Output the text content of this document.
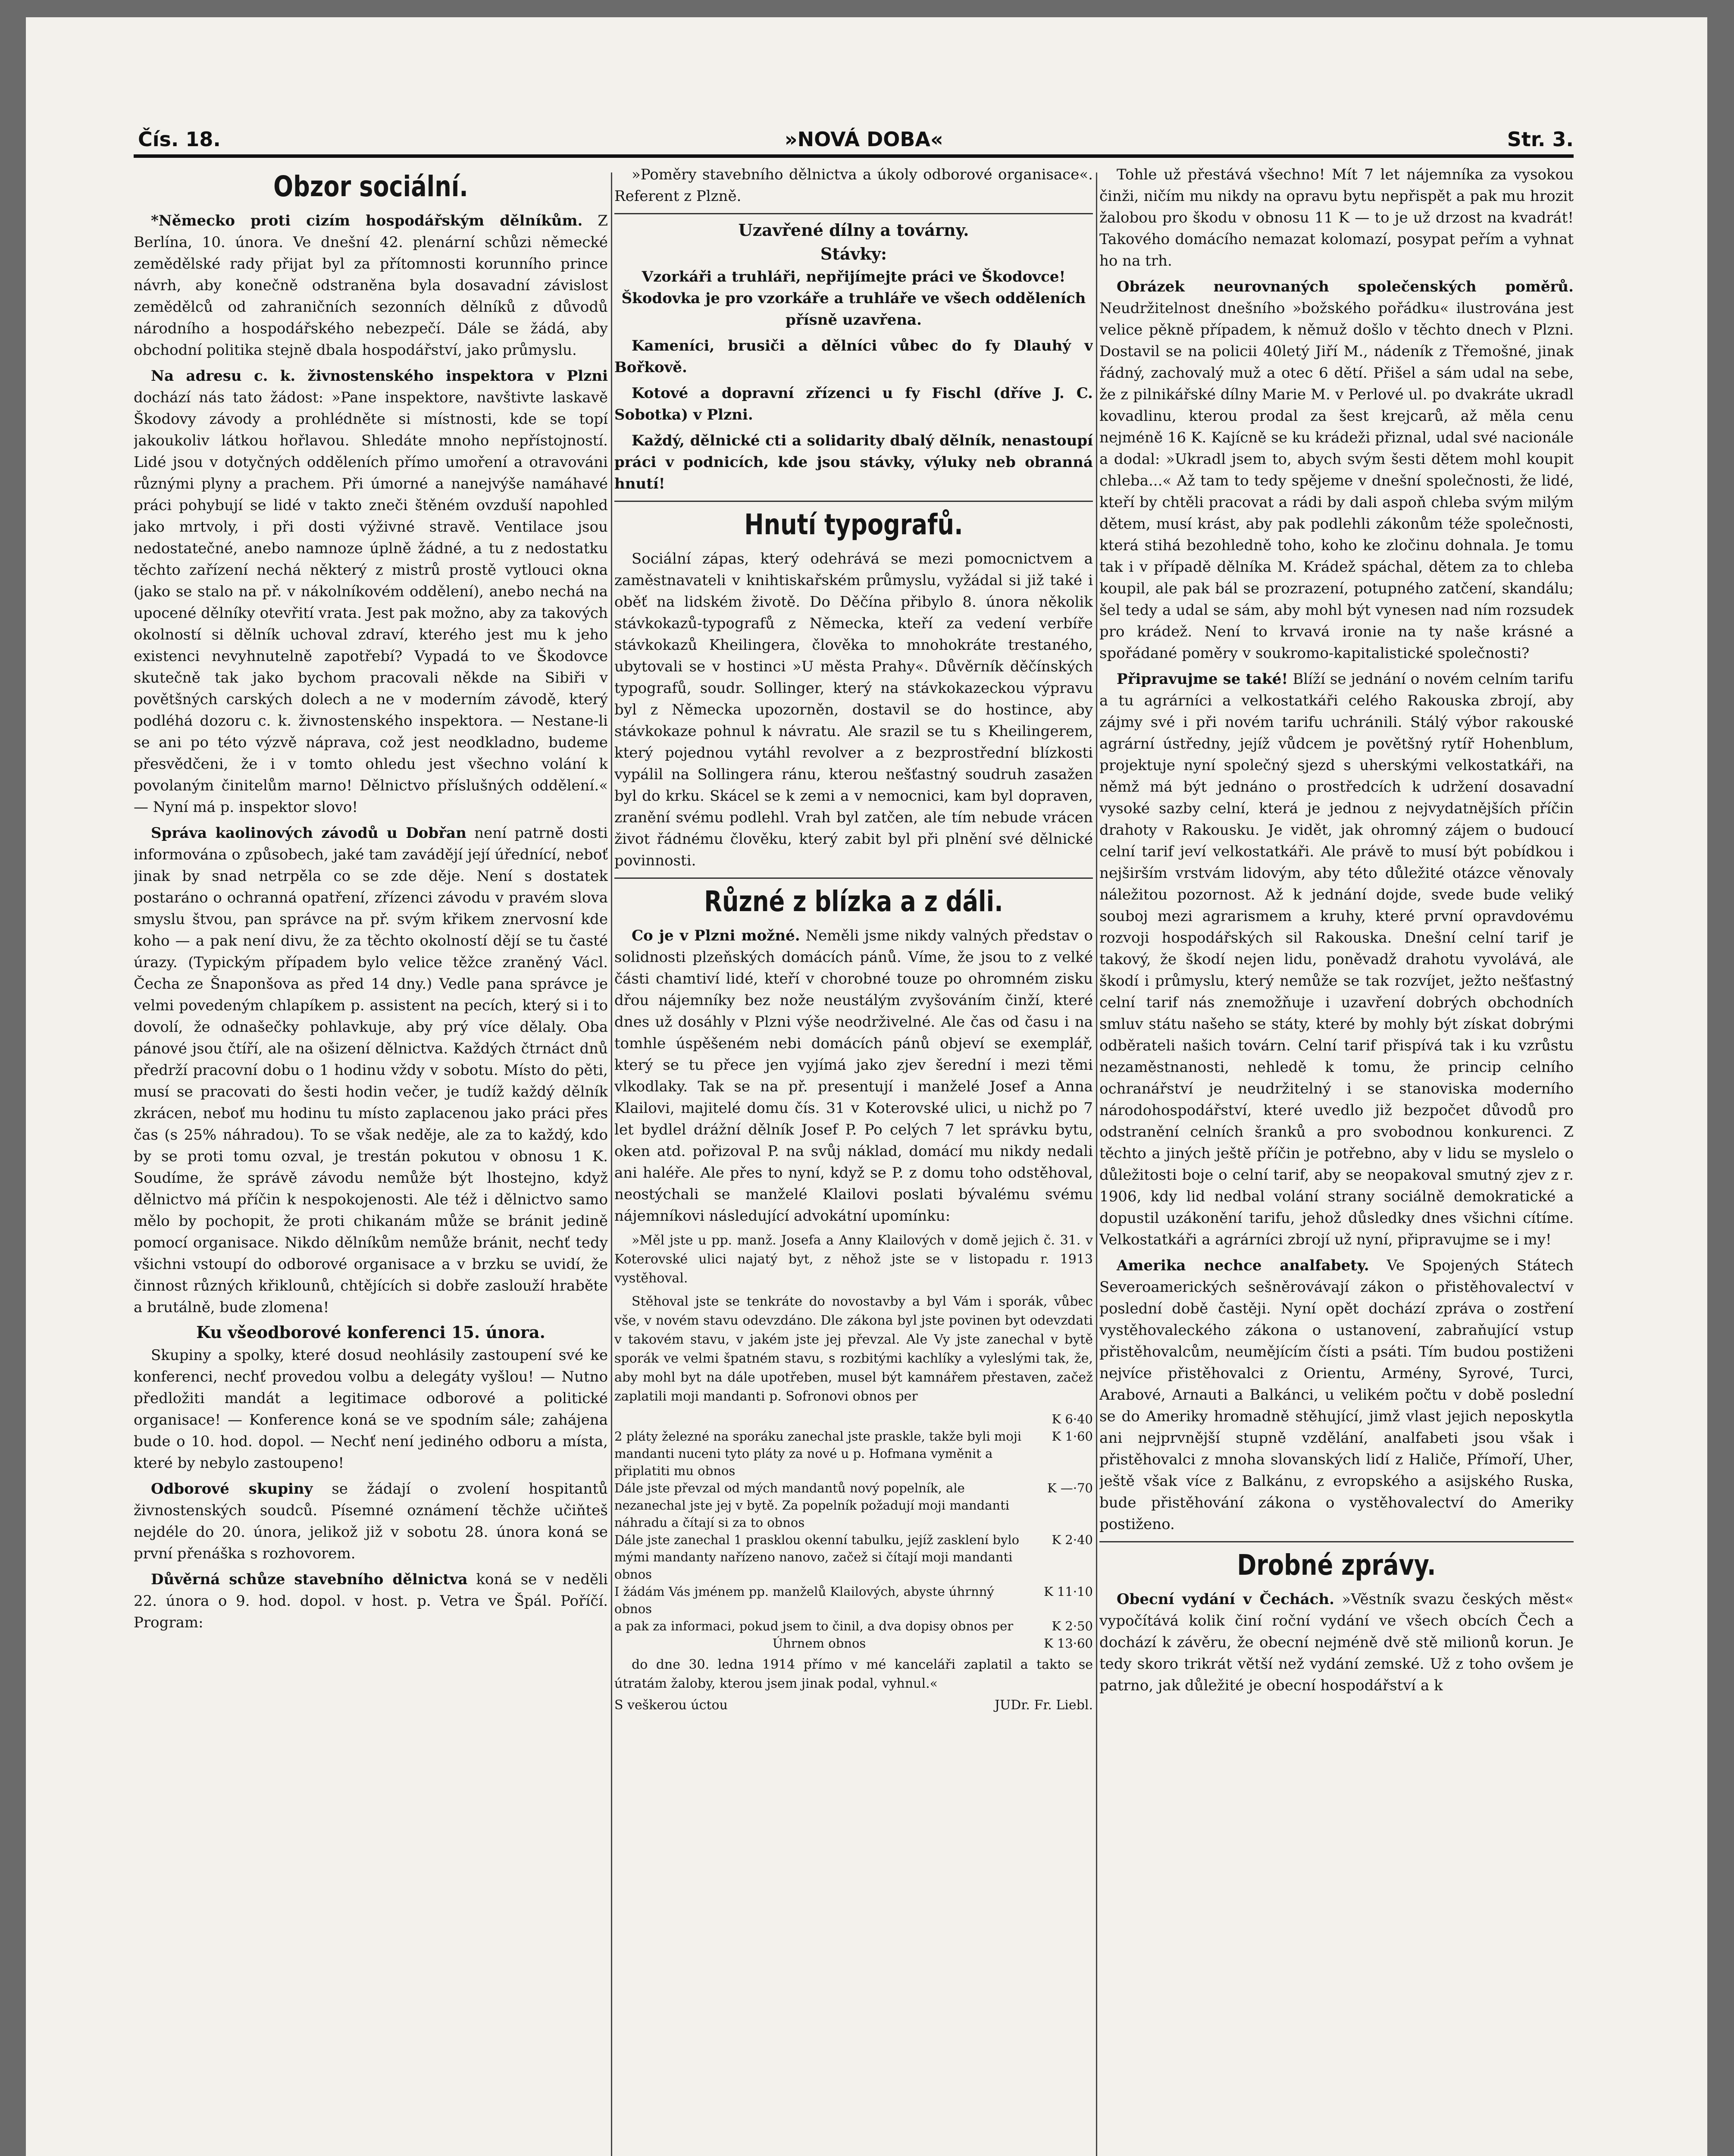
Čís. 18.	»NOVÁ DOBA«	Str. 3.
Obzor sociální.

*Německo proti cizím hospodářským dělníkům. Z Berlína, 10. února. Ve dnešní 42. plenární schůzi německé zemědělské rady přijat byl za přítomnosti korunního prince návrh, aby konečně odstraněna byla dosavadní závislost zemědělců od zahraničních sezonních dělníků z důvodů národního a hospodářského nebezpečí. Dále se žádá, aby obchodní politika stejně dbala hospodářství, jako průmyslu.

Na adresu c. k. živnostenského inspektora v Plzni dochází nás tato žádost: »Pane inspektore, navštivte laskavě Škodovy závody a prohlédněte si místnosti, kde se topí jakoukoliv látkou hořlavou. Shledáte mnoho nepřístojností. Lidé jsou v dotyčných odděleních přímo umoření a otravováni různými plyny a prachem. Při úmorné a nanejvýše namáhavé práci pohybují se lidé v takto zneči štěném ovzduší napohled jako mrtvoly, i při dosti výživné stravě. Ventilace jsou nedostatečné, anebo namnoze úplně žádné, a tu z nedostatku těchto zařízení nechá některý z mistrů prostě vytlouci okna (jako se stalo na př. v nákolníkovém oddělení), anebo nechá na upocené dělníky otevřití vrata. Jest pak možno, aby za takových okolností si dělník uchoval zdraví, kterého jest mu k jeho existenci nevyhnutelně zapotřebí? Vypadá to ve Škodovce skutečně tak jako bychom pracovali někde na Sibiři v povětšných carských dolech a ne v moderním závodě, který podléhá dozoru c. k. živnostenského inspektora. — Nestane-li se ani po této výzvě náprava, což jest neodkladno, budeme přesvědčeni, že i v tomto ohledu jest všechno volání k povolaným činitelům marno! Dělnictvo příslušných oddělení.« — Nyní má p. inspektor slovo!

Správa kaolinových závodů u Dobřan není patrně dosti informována o způsobech, jaké tam zavádějí její úřednící, neboť jinak by snad netrpěla co se zde děje. Není s dostatek postaráno o ochranná opatření, zřízenci závodu v pravém slova smyslu štvou, pan správce na př. svým křikem znervosní kde koho — a pak není divu, že za těchto okolností dějí se tu časté úrazy. (Typickým případem bylo velice těžce zraněný Václ. Čecha ze Šnaponšova as před 14 dny.) Vedle pana správce je velmi povedeným chlapíkem p. assistent na pecích, který si i to dovolí, že odnašečky pohlavkuje, aby prý více dělaly. Oba pánové jsou čtíří, ale na ošizení dělnictva. Každých čtrnáct dnů předrží pracovní dobu o 1 hodinu vždy v sobotu. Místo do pěti, musí se pracovati do šesti hodin večer, je tudíž každý dělník zkrácen, neboť mu hodinu tu místo zaplacenou jako práci přes čas (s 25% náhradou). To se však neděje, ale za to každý, kdo by se proti tomu ozval, je trestán pokutou v obnosu 1 K. Soudíme, že správě závodu nemůže být lhostejno, když dělnictvo má příčin k nespokojenosti. Ale též i dělnictvo samo mělo by pochopit, že proti chikanám může se bránit jedině pomocí organisace. Nikdo dělníkům nemůže bránit, nechť tedy všichni vstoupí do odborové organisace a v brzku se uvidí, že činnost různých křiklounů, chtějících si dobře zaslouží hraběte a brutálně, bude zlomena!

Ku všeodborové konferenci 15. února.

Skupiny a spolky, které dosud neohlásily zastoupení své ke konferenci, nechť provedou volbu a delegáty vyšlou! — Nutno předložiti mandát a legitimace odborové a politické organisace! — Konference koná se ve spodním sále; zahájena bude o 10. hod. dopol. — Nechť není jediného odboru a místa, které by nebylo zastoupeno!

Odborové skupiny se žádají o zvolení hospitantů živnostenských soudců. Písemné oznámení těchže učiňteš nejdéle do 20. února, jelikož již v sobotu 28. února koná se první přenáška s rozhovorem.

Důvěrná schůze stavebního dělnictva koná se v neděli 22. února o 9. hod. dopol. v host. p. Vetra ve Špál. Poříčí. Program:

»Poměry stavebního dělnictva a úkoly odborové organisace«. Referent z Plzně.

Uzavřené dílny a továrny.
Stávky:

Vzorkáři a truhláři, nepřijímejte práci ve Škodovce! Škodovka je pro vzorkáře a truhláře ve všech odděleních přísně uzavřena.

Kameníci, brusiči a dělníci vůbec do fy Dlauhý v Bořkově.

Kotové a dopravní zřízenci u fy Fischl (dříve J. C. Sobotka) v Plzni.

Každý, dělnické cti a solidarity dbalý dělník, nenastoupí práci v podnicích, kde jsou stávky, výluky neb obranná hnutí!

Hnutí typografů.

Sociální zápas, který odehrává se mezi pomocnictvem a zaměstnavateli v knihtiskařském průmyslu, vyžádal si již také i oběť na lidském životě. Do Děčína přibylo 8. února několik stávkokazů-typografů z Německa, kteří za vedení verbíře stávkokazů Kheilingera, člověka to mnohokráte trestaného, ubytovali se v hostinci »U města Prahy«. Důvěrník děčínských typografů, soudr. Sollinger, který na stávkokazeckou výpravu byl z Německa upozorněn, dostavil se do hostince, aby stávkokaze pohnul k návratu. Ale srazil se tu s Kheilingerem, který pojednou vytáhl revolver a z bezprostřední blízkosti vypálil na Sollingera ránu, kterou nešťastný soudruh zasažen byl do krku. Skácel se k zemi a v nemocnici, kam byl dopraven, zranění svému podlehl. Vrah byl zatčen, ale tím nebude vrácen život řádnému člověku, který zabit byl při plnění své dělnické povinnosti.

Různé z blízka a z dáli.

Co je v Plzni možné. Neměli jsme nikdy valných představ o solidnosti plzeňských domácích pánů. Víme, že jsou to z velké části chamtiví lidé, kteří v chorobné touze po ohromném zisku dřou nájemníky bez nože neustálým zvyšováním činží, které dnes už dosáhly v Plzni výše neodrživelné. Ale čas od času i na tomhle úspěšeném nebi domácích pánů objeví se exemplář, který se tu přece jen vyjímá jako zjev šerední i mezi těmi vlkodlaky. Tak se na př. presentují i manželé Josef a Anna Klailovi, majitelé domu čís. 31 v Koterovské ulici, u nichž po 7 let bydlel drážní dělník Josef P. Po celých 7 let správku bytu, oken atd. pořizoval P. na svůj náklad, domácí mu nikdy nedali ani haléře. Ale přes to nyní, když se P. z domu toho odstěhoval, neostýchali se manželé Klailovi poslati bývalému svému nájemníkovi následující advokátní upomínku:

»Měl jste u pp. manž. Josefa a Anny Klailových v domě jejich č. 31. v Koterovské ulici najatý byt, z něhož jste se v listopadu r. 1913 vystěhoval.

Stěhoval jste se tenkráte do novostavby a byl Vám i sporák, vůbec vše, v novém stavu odevzdáno. Dle zákona byl jste povinen byt odevzdati v takovém stavu, v jakém jste jej převzal. Ale Vy jste zanechal v bytě sporák ve velmi špatném stavu, s rozbitými kachlíky a vyleslými tak, že, aby mohl byt na dále upotřeben, musel být kamnářem přestaven, začež zaplatili moji mandanti p. Sofronovi obnos per

	K 6·40
2 pláty železné na sporáku zanechal jste praskle, takže byli moji mandanti nuceni tyto pláty za nové u p. Hofmana vyměnit a připlatiti mu obnos	K 1·60
Dále jste převzal od mých mandantů nový popelník, ale nezanechal jste jej v bytě. Za popelník požadují moji mandanti náhradu a čítají si za to obnos	K —·70
Dále jste zanechal 1 prasklou okenní tabulku, jejíž zasklení bylo mými mandanty nařízeno nanovo, začež si čítají moji mandanti obnos	K 2·40
I žádám Vás jménem pp. manželů Klailových, abyste úhrnný obnos	K 11·10
a pak za informaci, pokud jsem to činil, a dva dopisy obnos per	K 2·50
Úhrnem obnos	K 13·60

do dne 30. ledna 1914 přímo v mé kanceláři zaplatil a takto se útratám žaloby, kterou jsem jinak podal, vyhnul.«

S veškerou úctou	JUDr. Fr. Liebl.

Tohle už přestává všechno! Mít 7 let nájemníka za vysokou činži, ničím mu nikdy na opravu bytu nepřispět a pak mu hrozit žalobou pro škodu v obnosu 11 K — to je už drzost na kvadrát! Takového domácího nemazat kolomazí, posypat peřím a vyhnat ho na trh.

Obrázek neurovnaných společenských poměrů. Neudržitelnost dnešního »božského pořádku« ilustrována jest velice pěkně případem, k němuž došlo v těchto dnech v Plzni. Dostavil se na policii 40letý Jiří M., nádeník z Třemošné, jinak řádný, zachovalý muž a otec 6 dětí. Přišel a sám udal na sebe, že z pilnikářské dílny Marie M. v Perlové ul. po dvakráte ukradl kovadlinu, kterou prodal za šest krejcarů, až měla cenu nejméně 16 K. Kajícně se ku krádeži přiznal, udal své nacionále a dodal: »Ukradl jsem to, abych svým šesti dětem mohl koupit chleba...« Až tam to tedy spějeme v dnešní společnosti, že lidé, kteří by chtěli pracovat a rádi by dali aspoň chleba svým milým dětem, musí krást, aby pak podlehli zákonům téže společnosti, která stihá bezohledně toho, koho ke zločinu dohnala. Je tomu tak i v případě dělníka M. Krádež spáchal, dětem za to chleba koupil, ale pak bál se prozrazení, potupného zatčení, skandálu; šel tedy a udal se sám, aby mohl být vynesen nad ním rozsudek pro krádež. Není to krvavá ironie na ty naše krásné a spořádané poměry v soukromo-kapitalistické společnosti?

Připravujme se také! Blíží se jednání o novém celním tarifu a tu agrárníci a velkostatkáři celého Rakouska zbrojí, aby zájmy své i při novém tarifu uchránili. Stálý výbor rakouské agrární ústředny, jejíž vůdcem je povětšný rytíř Hohenblum, projektuje nyní společný sjezd s uherskými velkostatkáři, na němž má být jednáno o prostředcích k udržení dosavadní vysoké sazby celní, která je jednou z nejvydatnějších příčin drahoty v Rakousku. Je vidět, jak ohromný zájem o budoucí celní tarif jeví velkostatkáři. Ale právě to musí být pobídkou i nejširším vrstvám lidovým, aby této důležité otázce věnovaly náležitou pozornost. Až k jednání dojde, svede bude veliký souboj mezi agrarismem a kruhy, které první opravdovému rozvoji hospodářských sil Rakouska. Dnešní celní tarif je takový, že škodí nejen lidu, poněvadž drahotu vyvolává, ale škodí i průmyslu, který nemůže se tak rozvíjet, ježto nešťastný celní tarif nás znemožňuje i uzavření dobrých obchodních smluv státu našeho se státy, které by mohly být získat dobrými odběrateli našich továrn. Celní tarif přispívá tak i ku vzrůstu nezaměstnanosti, nehledě k tomu, že princip celního ochranářství je neudržitelný i se stanoviska moderního národohospodářství, které uvedlo již bezpočet důvodů pro odstranění celních šranků a pro svobodnou konkurenci. Z těchto a jiných ještě příčin je potřebno, aby v lidu se myslelo o důležitosti boje o celní tarif, aby se neopakoval smutný zjev z r. 1906, kdy lid nedbal volání strany sociálně demokratické a dopustil uzákonění tarifu, jehož důsledky dnes všichni cítíme. Velkostatkáři a agrárníci zbrojí už nyní, připravujme se i my!

Amerika nechce analfabety. Ve Spojených Státech Severoamerických sešněrovávají zákon o přistěhovalectví v poslední době častěji. Nyní opět dochází zpráva o zostření vystěhovaleckého zákona o ustanovení, zabraňující vstup přistěhovalcům, neumějícím čísti a psáti. Tím budou postiženi nejvíce přistěhovalci z Orientu, Armény, Syrové, Turci, Arabové, Arnauti a Balkánci, u velikém počtu v době poslední se do Ameriky hromadně stěhující, jimž vlast jejich neposkytla ani nejprvnější stupně vzdělání, analfabeti jsou však i přistěhovalci z mnoha slovanských lidí z Haliče, Přímoří, Uher, ještě však více z Balkánu, z evropského a asijského Ruska, bude přistěhování zákona o vystěhovalectví do Ameriky postiženo.

Drobné zprávy.

Obecní vydání v Čechách. »Věstník svazu českých měst« vypočítává kolik činí roční vydání ve všech obcích Čech a dochází k závěru, že obecní nejméně dvě stě milionů korun. Je tedy skoro trikrát větší než vydání zemské. Už z toho ovšem je patrno, jak důležité je obecní hospodářství a k
